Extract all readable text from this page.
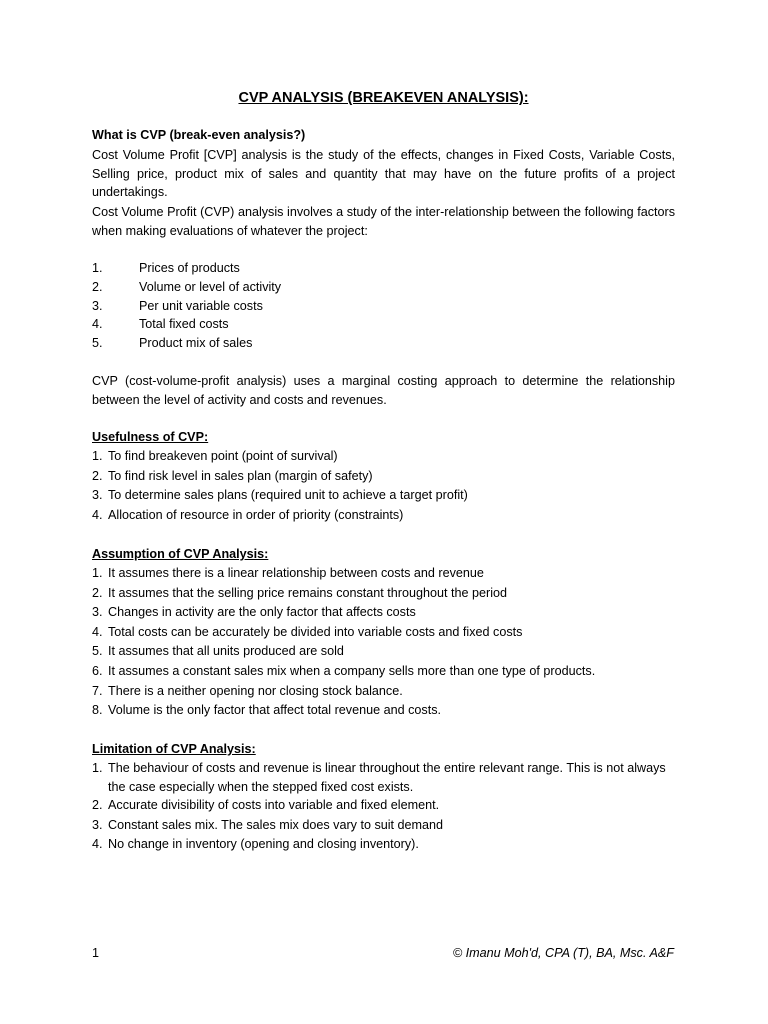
CVP ANALYSIS (BREAKEVEN ANALYSIS):
What is CVP (break-even analysis?)

Cost Volume Profit [CVP] analysis is the study of the effects, changes in Fixed Costs, Variable Costs, Selling price, product mix of sales and quantity that may have on the future profits of a project undertakings.

Cost Volume Profit (CVP) analysis involves a study of the inter-relationship between the following factors when making evaluations of whatever the project:

1.	Prices of products
2.	Volume or level of activity
3.	Per unit variable costs
4.	Total fixed costs
5.	Product mix of sales

CVP (cost-volume-profit analysis) uses a marginal costing approach to determine the relationship between the level of activity and costs and revenues.

Usefulness of CVP:
1. To find breakeven point (point of survival)
2. To find risk level in sales plan (margin of safety)
3. To determine sales plans (required unit to achieve a target profit)
4. Allocation of resource in order of priority (constraints)
Assumption of CVP Analysis:
1. It assumes there is a linear relationship between costs and revenue
2. It assumes that the selling price remains constant throughout the period
3. Changes in activity are the only factor that affects costs
4. Total costs can be accurately be divided into variable costs and fixed costs
5. It assumes that all units produced are sold
6. It assumes a constant sales mix when a company sells more than one type of products.
7. There is a neither opening nor closing stock balance.
8. Volume is the only factor that affect total revenue and costs.
Limitation of CVP Analysis:
1. The behaviour of costs and revenue is linear throughout the entire relevant range. This is not always the case especially when the stepped fixed cost exists.
2. Accurate divisibility of costs into variable and fixed element.
3. Constant sales mix. The sales mix does vary to suit demand
4. No change in inventory (opening and closing inventory).
1	© Imanu Moh'd, CPA (T), BA, Msc. A&F
